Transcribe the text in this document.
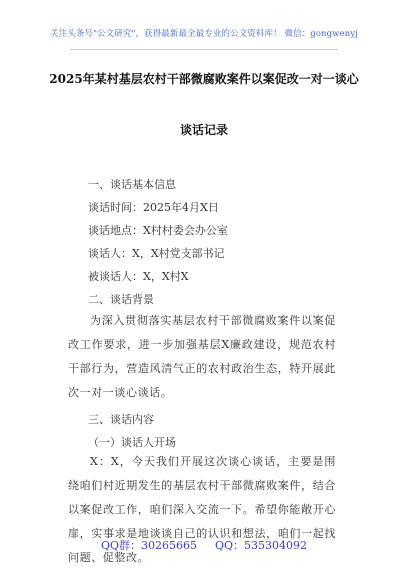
关注头条号"公文研究"，获得最新最全最专业的公文资料库！ 微信：gongwenyj
2025年某村基层农村干部微腐败案件以案促改一对一谈心
谈话记录
一、谈话基本信息
谈话时间：2025年4月X日
谈话地点：X村村委会办公室
谈话人：X，X村党支部书记
被谈话人：X，X村X
二、谈话背景
为深入贯彻落实基层农村干部微腐败案件以案促改工作要求，进一步加强基层X廉政建设，规范农村干部行为，营造风清气正的农村政治生态，特开展此次一对一谈心谈话。
三、谈话内容
（一）谈话人开场
X：X，今天我们开展这次谈心谈话，主要是围绕咱们村近期发生的基层农村干部微腐败案件，结合以案促改工作，咱们深入交流一下。希望你能敞开心扉，实事求是地谈谈自己的认识和想法，咱们一起找问题、促整改。
QQ群：30265665 QQ：535304092
